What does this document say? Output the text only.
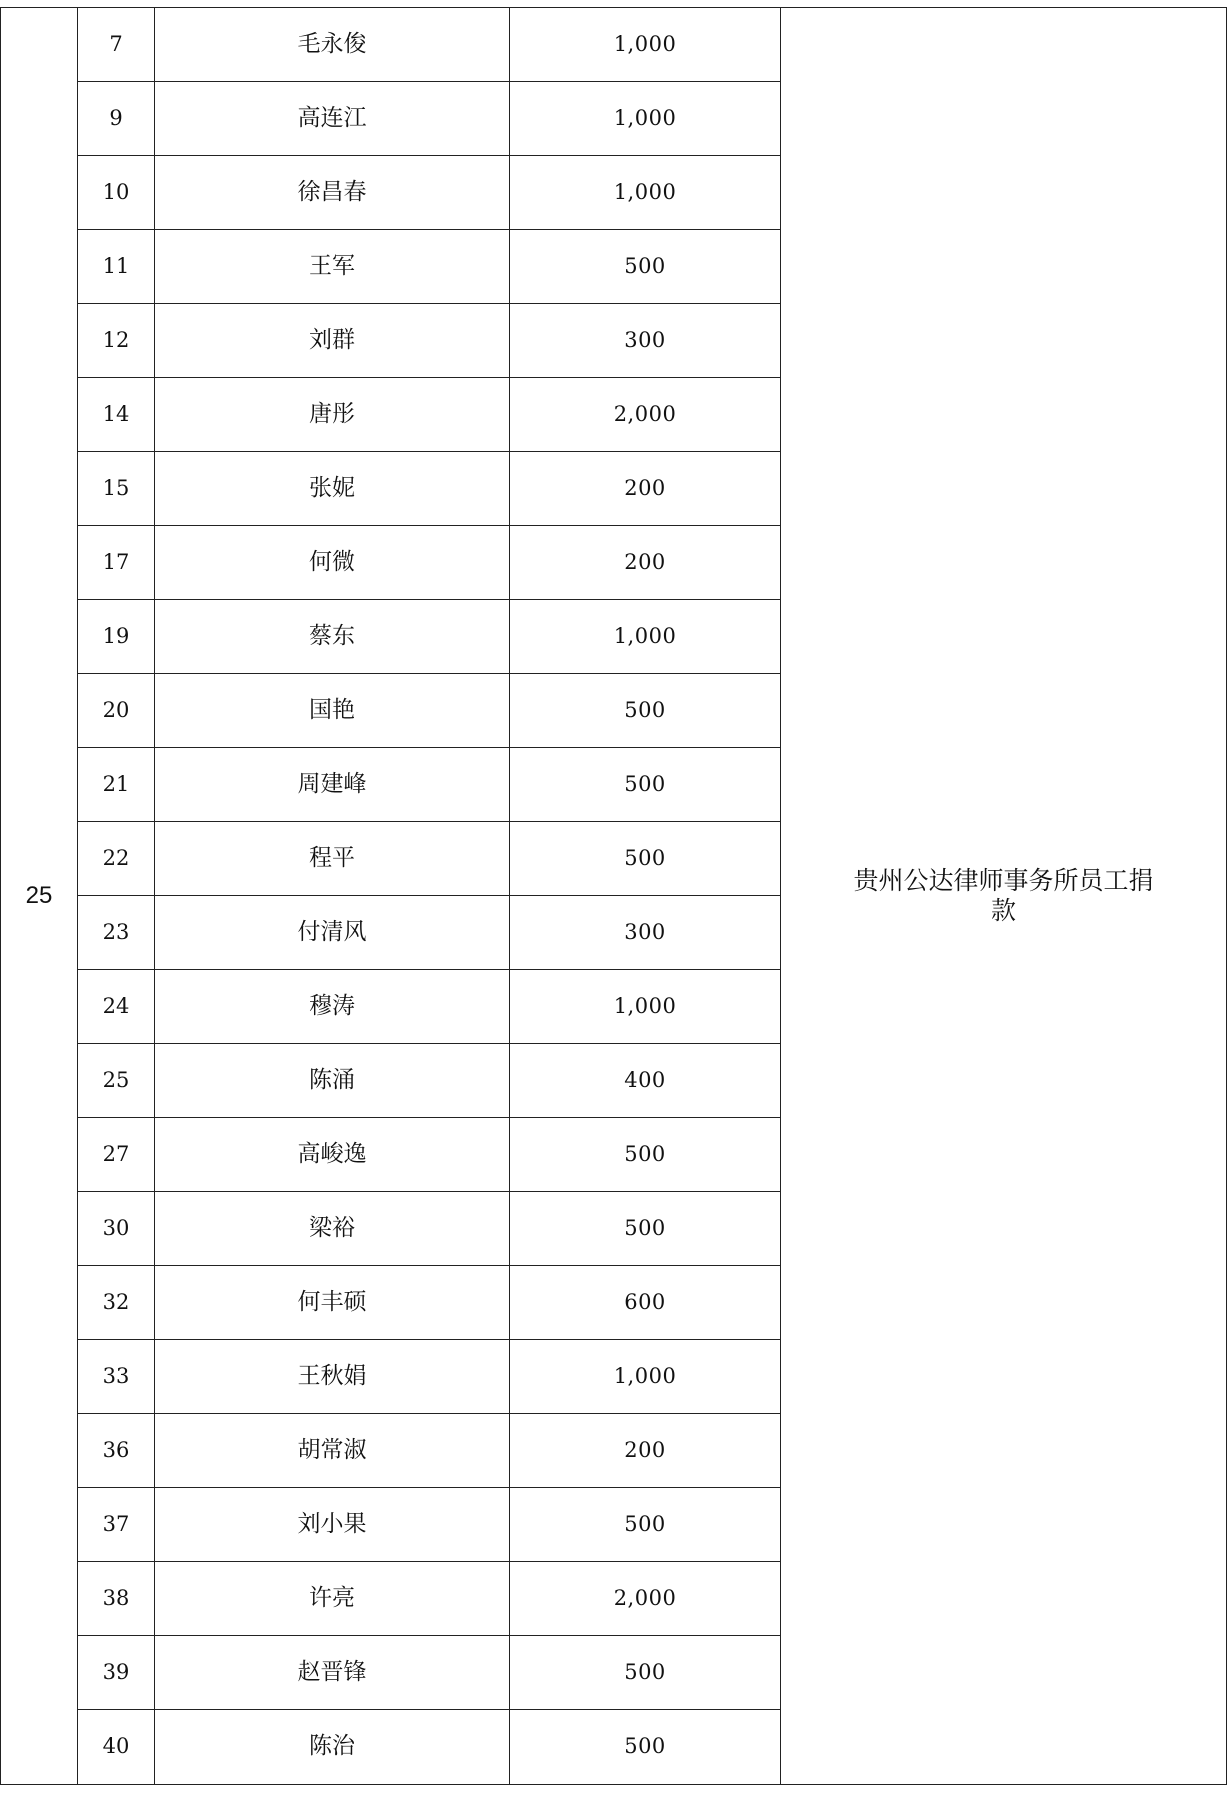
25	7	毛永俊	1,000	贵州公达律师事务所员工捐款
	9	高连江	1,000	
	10	徐昌春	1,000	
	11	王军	500	
	12	刘群	300	
	14	唐彤	2,000	
	15	张妮	200	
	17	何微	200	
	19	蔡东	1,000	
	20	国艳	500	
	21	周建峰	500	
	22	程平	500	
	23	付清风	300	
	24	穆涛	1,000	
	25	陈涌	400	
	27	高峻逸	500	
	30	梁裕	500	
	32	何丰硕	600	
	33	王秋娟	1,000	
	36	胡常淑	200	
	37	刘小果	500	
	38	许亮	2,000	
	39	赵晋锋	500	
	40	陈治	500	
